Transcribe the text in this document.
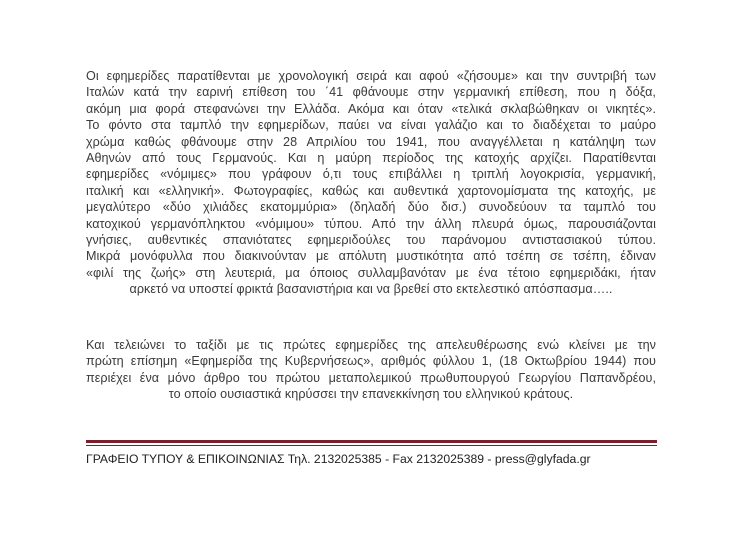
Οι εφημερίδες παρατίθενται με χρονολογική σειρά και αφού «ζήσουμε» και την συντριβή των
Ιταλών κατά την εαρινή επίθεση του ΄41 φθάνουμε στην γερμανική επίθεση, που η δόξα,
ακόμη μια φορά στεφανώνει την Ελλάδα. Ακόμα και όταν «τελικά σκλαβώθηκαν οι νικητές».
Το φόντο στα ταμπλό την εφημερίδων, παύει να είναι γαλάζιο και το διαδέχεται το μαύρο
χρώμα καθώς φθάνουμε στην 28 Απριλίου του 1941, που αναγγέλλεται η κατάληψη των
Αθηνών από τους Γερμανούς. Και η μαύρη περίοδος της κατοχής αρχίζει. Παρατίθενται
εφημερίδες «νόμιμες» που γράφουν ό,τι τους επιβάλλει η τριπλή λογοκρισία, γερμανική,
ιταλική και «ελληνική». Φωτογραφίες, καθώς και αυθεντικά χαρτονομίσματα της κατοχής, με
μεγαλύτερο «δύο χιλιάδες εκατομμύρια» (δηλαδή δύο δισ.) συνοδεύουν τα ταμπλό του
κατοχικού γερμανόπληκτου «νόμιμου» τύπου. Από την άλλη πλευρά όμως, παρουσιάζονται
γνήσιες, αυθεντικές σπανιότατες εφημεριδούλες του παράνομου αντιστασιακού τύπου.
Μικρά μονόφυλλα που διακινούνταν με απόλυτη μυστικότητα από τσέπη σε τσέπη, έδιναν
«φιλί της ζωής» στη λευτεριά, μα όποιος συλλαμβανόταν με ένα τέτοιο εφημεριδάκι, ήταν
αρκετό να υποστεί φρικτά βασανιστήρια και να βρεθεί στο εκτελεστικό απόσπασμα…..
Και τελειώνει το ταξίδι με τις πρώτες εφημερίδες της απελευθέρωσης ενώ κλείνει με την
πρώτη επίσημη «Εφημερίδα της Κυβερνήσεως», αριθμός φύλλου 1, (18 Οκτωβρίου 1944) που
περιέχει ένα μόνο άρθρο του πρώτου μεταπολεμικού πρωθυπουργού Γεωργίου Παπανδρέου,
το οποίο ουσιαστικά κηρύσσει την επανεκκίνηση του ελληνικού κράτους.
ΓΡΑΦΕΙΟ ΤΥΠΟΥ & ΕΠΙΚΟΙΝΩΝΙΑΣ Τηλ. 2132025385 - Fax 2132025389 - press@glyfada.gr
